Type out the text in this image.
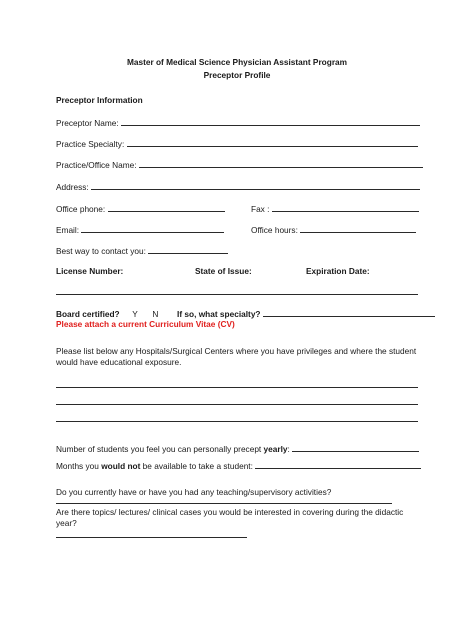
Master of Medical Science Physician Assistant Program
Preceptor Profile
Preceptor Information
Preceptor Name:
Practice Specialty:
Practice/Office Name:
Address:
Office phone:	Fax :
Email:	Office hours:
Best way to contact you:
License Number:	State of Issue:	Expiration Date:
Board certified? Y N If so, what specialty?
Please attach a current Curriculum Vitae (CV)
Please list below any Hospitals/Surgical Centers where you have privileges and where the student would have educational exposure.
Number of students you feel you can personally precept yearly:
Months you would not be available to take a student:
Do you currently have or have you had any teaching/supervisory activities?
Are there topics/ lectures/ clinical cases you would be interested in covering during the didactic
year?
